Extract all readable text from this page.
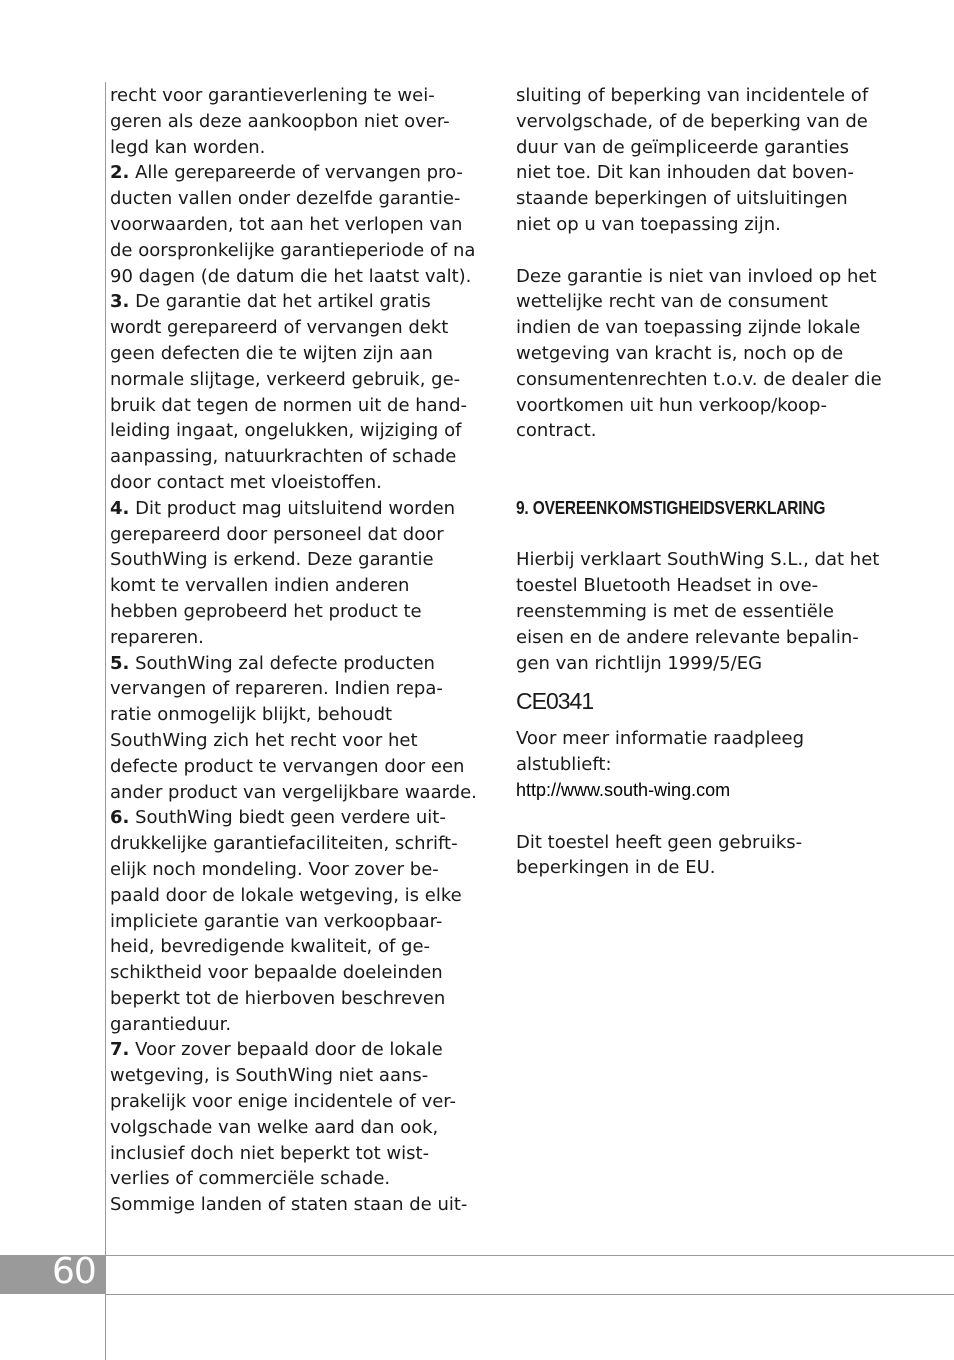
60

recht voor garantieverlening te wei-geren als deze aankoopbon niet over-legd kan worden.

2. Alle gerepareerde of vervangen pro-ducten vallen onder dezelfde garantie-voorwaarden, tot aan het verlopen van de oorspronkelijke garantieperiode of na 90 dagen (de datum die het laatst valt).

3. De garantie dat het artikel gratis wordt gerepareerd of vervangen dekt geen defecten die te wijten zijn aan normale slijtage, verkeerd gebruik, ge-bruik dat tegen de normen uit de hand-leiding ingaat, ongelukken, wijziging of aanpassing, natuurkrachten of schade door contact met vloeistoffen.

4. Dit product mag uitsluitend worden gerepareerd door personeel dat door SouthWing is erkend. Deze garantie komt te vervallen indien anderen hebben geprobeerd het product te repareren.

5. SouthWing zal defecte producten vervangen of repareren. Indien repa-ratie onmogelijk blijkt, behoudt SouthWing zich het recht voor het defecte product te vervangen door een ander product van vergelijkbare waarde.

6. SouthWing biedt geen verdere uit-drukkelijke garantiefaciliteiten, schrift-elijk noch mondeling. Voor zover be-paald door de lokale wetgeving, is elke impliciete garantie van verkoopbaar-heid, bevredigende kwaliteit, of ge-schiktheid voor bepaalde doeleinden beperkt tot de hierboven beschreven garantieduur.

7. Voor zover bepaald door de lokale wetgeving, is SouthWing niet aans-prakelijk voor enige incidentele of ver-volgschade van welke aard dan ook, inclusief doch niet beperkt tot wist-verlies of commerciële schade. Sommige landen of staten staan de uit-

sluiting of beperking van incidentele of vervolgschade, of de beperking van de duur van de geïmpliceerde garanties niet toe. Dit kan inhouden dat boven-staande beperkingen of uitsluitingen niet op u van toepassing zijn.

Deze garantie is niet van invloed op het wettelijke recht van de consument indien de van toepassing zijnde lokale wetgeving van kracht is, noch op de consumentenrechten t.o.v. de dealer die voortkomen uit hun verkoop/koop-contract.

9. OVEREENKOMSTIGHEIDSVERKLARING

Hierbij verklaart SouthWing S.L., dat het toestel Bluetooth Headset in ove-reenstemming is met de essentiële eisen en de andere relevante bepalin-gen van richtlijn 1999/5/EG

CE0341

Voor meer informatie raadpleeg alstublieft:

http://www.south-wing.com

Dit toestel heeft geen gebruiks-beperkingen in de EU.
